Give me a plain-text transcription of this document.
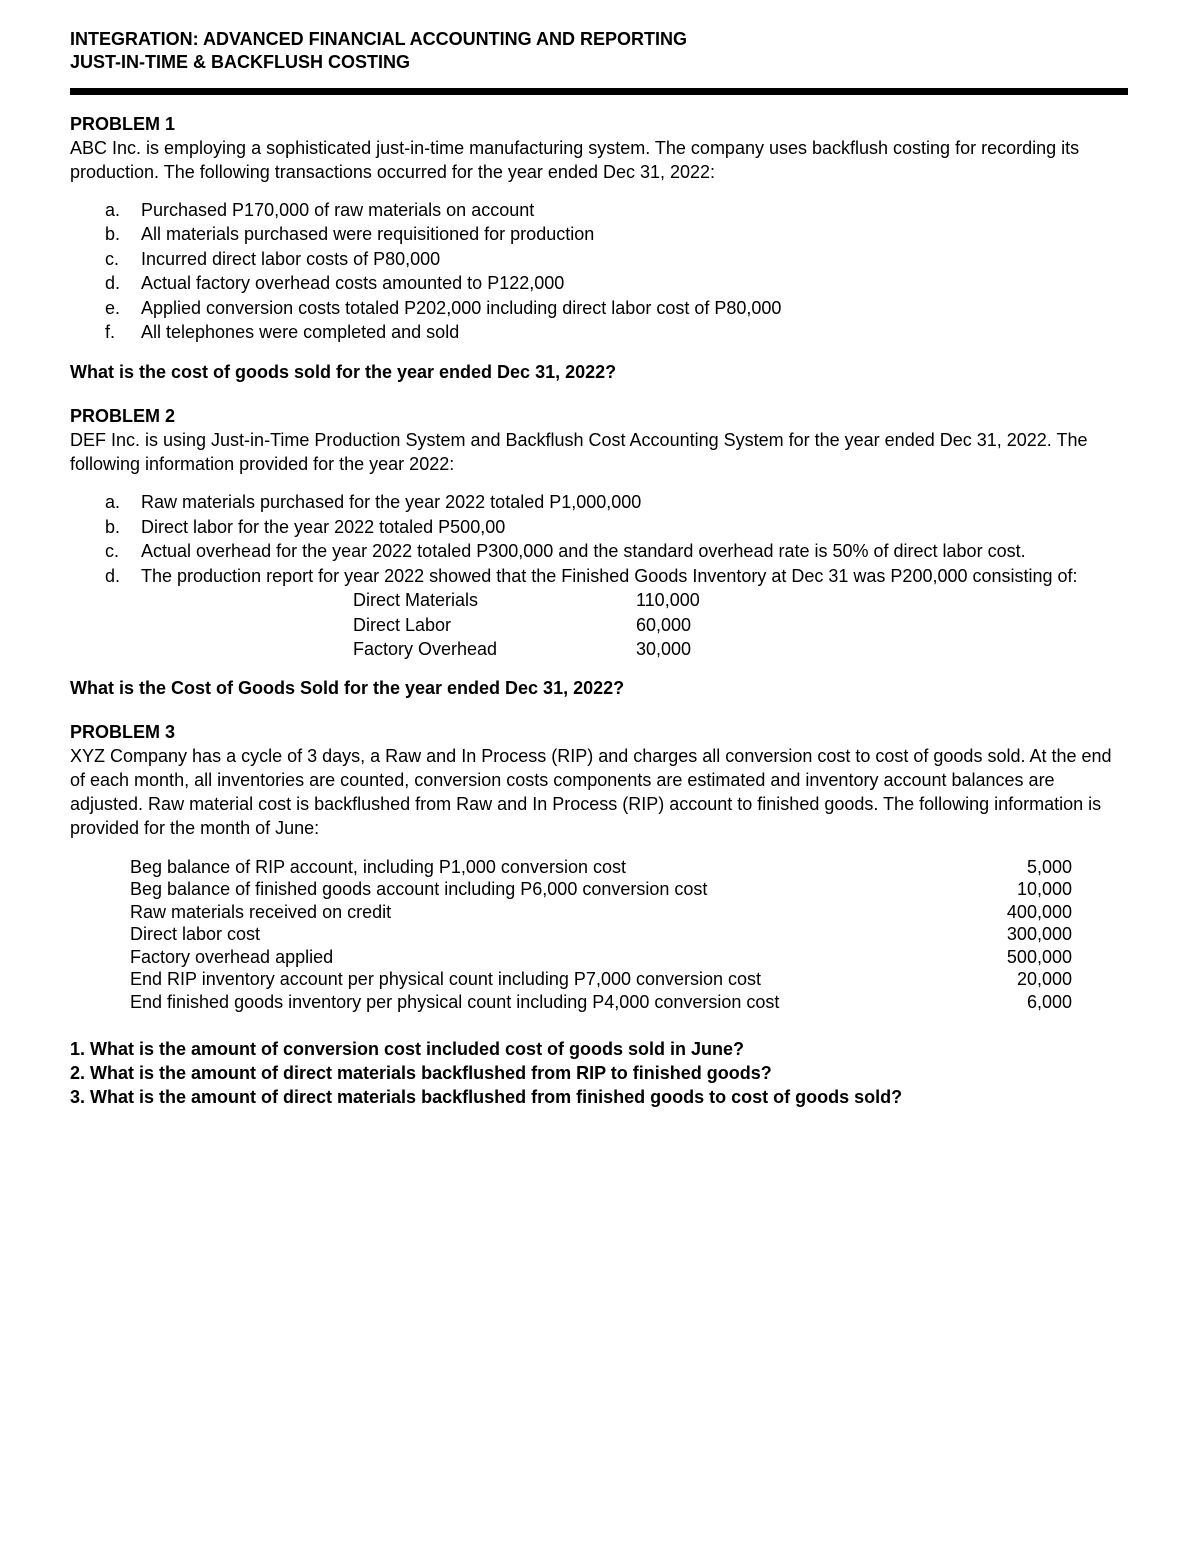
INTEGRATION: ADVANCED FINANCIAL ACCOUNTING AND REPORTING
JUST-IN-TIME & BACKFLUSH COSTING
PROBLEM 1
ABC Inc. is employing a sophisticated just-in-time manufacturing system. The company uses backflush costing for recording its production. The following transactions occurred for the year ended Dec 31, 2022:
a.	Purchased P170,000 of raw materials on account
b.	All materials purchased were requisitioned for production
c.	Incurred direct labor costs of P80,000
d.	Actual factory overhead costs amounted to P122,000
e.	Applied conversion costs totaled P202,000 including direct labor cost of P80,000
f.	All telephones were completed and sold
What is the cost of goods sold for the year ended Dec 31, 2022?
PROBLEM 2
DEF Inc. is using Just-in-Time Production System and Backflush Cost Accounting System for the year ended Dec 31, 2022. The following information provided for the year 2022:
a.	Raw materials purchased for the year 2022 totaled P1,000,000
b.	Direct labor for the year 2022 totaled P500,00
c.	Actual overhead for the year 2022 totaled P300,000 and the standard overhead rate is 50% of direct labor cost.
d.	The production report for year 2022 showed that the Finished Goods Inventory at Dec 31 was P200,000 consisting of:
Direct Materials	110,000
Direct Labor	60,000
Factory Overhead	30,000
What is the Cost of Goods Sold for the year ended Dec 31, 2022?
PROBLEM 3
XYZ Company has a cycle of 3 days, a Raw and In Process (RIP) and charges all conversion cost to cost of goods sold. At the end of each month, all inventories are counted, conversion costs components are estimated and inventory account balances are adjusted. Raw material cost is backflushed from Raw and In Process (RIP) account to finished goods. The following information is provided for the month of June:
Beg balance of RIP account, including P1,000 conversion cost	5,000
Beg balance of finished goods account including P6,000 conversion cost	10,000
Raw materials received on credit	400,000
Direct labor cost	300,000
Factory overhead applied	500,000
End RIP inventory account per physical count including P7,000 conversion cost	20,000
End finished goods inventory per physical count including P4,000 conversion cost	6,000
1. What is the amount of conversion cost included cost of goods sold in June?
2. What is the amount of direct materials backflushed from RIP to finished goods?
3. What is the amount of direct materials backflushed from finished goods to cost of goods sold?
